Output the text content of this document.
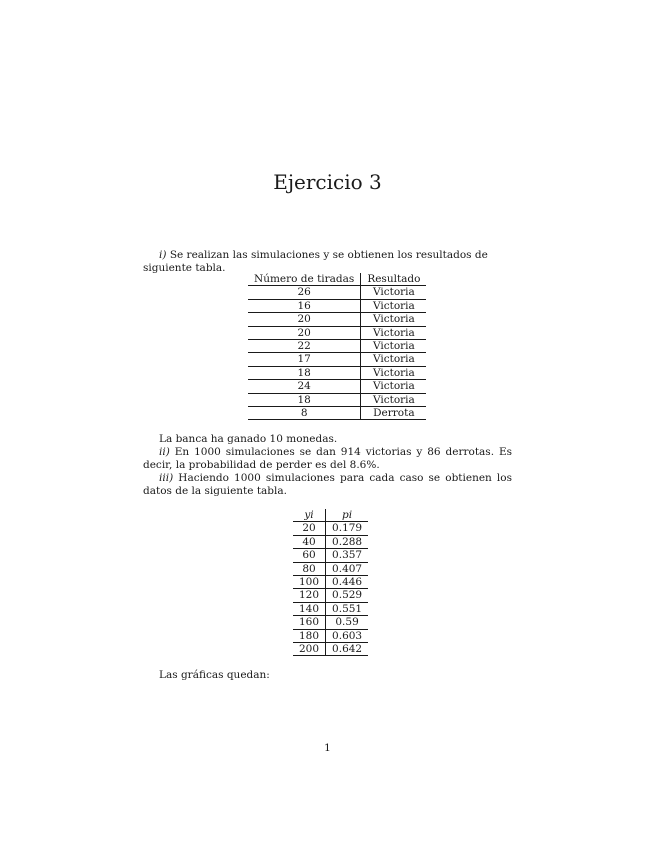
Ejercicio 3
i) Se realizan las simulaciones y se obtienen los resultados de siguiente tabla.
Número de tiradas	Resultado
26	Victoria
16	Victoria
20	Victoria
20	Victoria
22	Victoria
17	Victoria
18	Victoria
24	Victoria
18	Victoria
8	Derrota
La banca ha ganado 10 monedas.
ii) En 1000 simulaciones se dan 914 victorias y 86 derrotas. Es decir, la probabilidad de perder es del 8.6%.
iii) Haciendo 1000 simulaciones para cada caso se obtienen los datos de la siguiente tabla.
yi	pi
20	0.179
40	0.288
60	0.357
80	0.407
100	0.446
120	0.529
140	0.551
160	0.59
180	0.603
200	0.642
Las gráficas quedan:
1
